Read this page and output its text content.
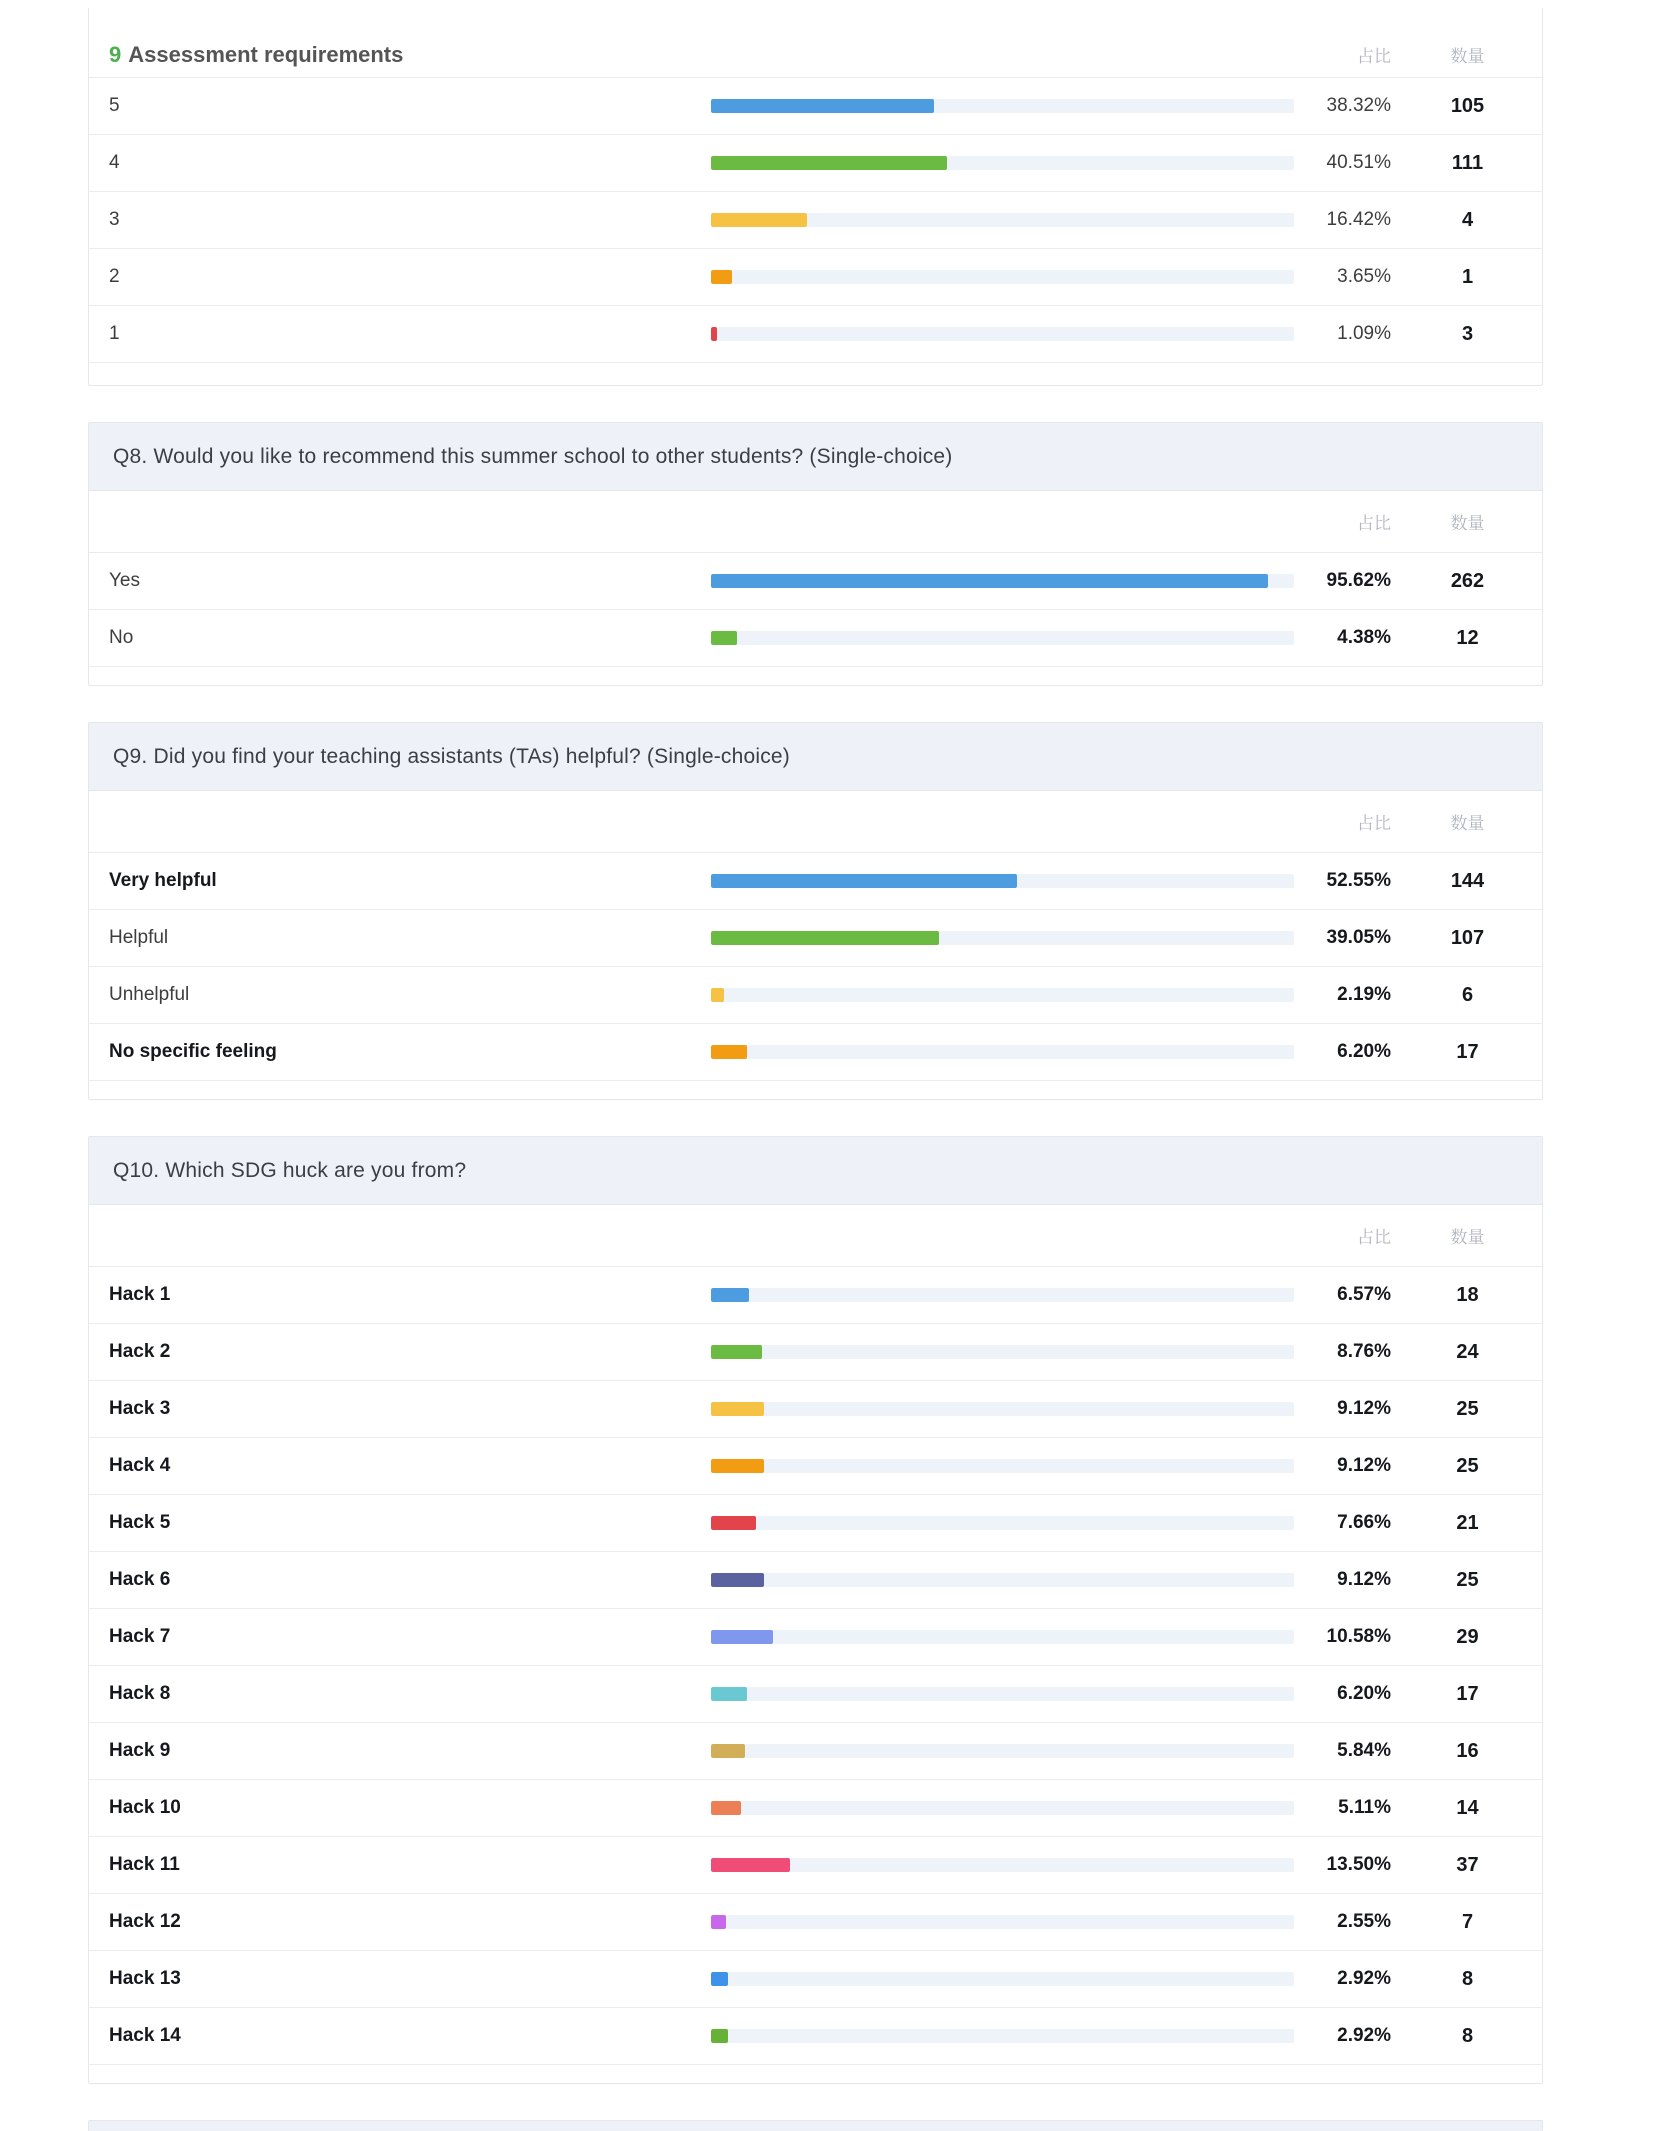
9 Assessment requirements	占比	数量
5	38.32%	105
4	40.51%	111
3	16.42%	4
2	3.65%	1
1	1.09%	3
Q8. Would you like to recommend this summer school to other students? (Single-choice)
占比	数量
Yes	95.62%	262
No	4.38%	12
Q9. Did you find your teaching assistants (TAs) helpful? (Single-choice)
占比	数量
Very helpful	52.55%	144
Helpful	39.05%	107
Unhelpful	2.19%	6
No specific feeling	6.20%	17
Q10. Which SDG huck are you from?
占比	数量
Hack 1	6.57%	18
Hack 2	8.76%	24
Hack 3	9.12%	25
Hack 4	9.12%	25
Hack 5	7.66%	21
Hack 6	9.12%	25
Hack 7	10.58%	29
Hack 8	6.20%	17
Hack 9	5.84%	16
Hack 10	5.11%	14
Hack 11	13.50%	37
Hack 12	2.55%	7
Hack 13	2.92%	8
Hack 14	2.92%	8
